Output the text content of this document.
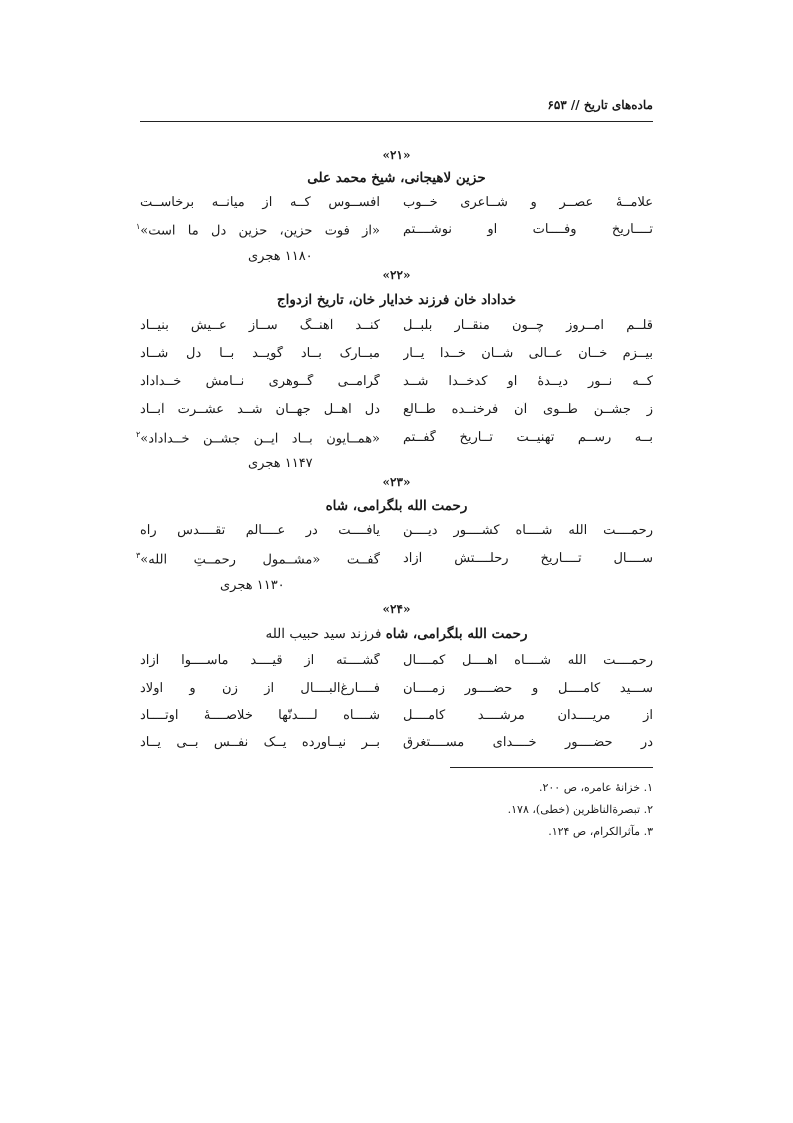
ماده‌های تاریخ // ۶۵۳
«۲۱»
حزین لاهیجانی، شیخ محمد علی
علامــهٔ عصــر و شــاعری خــوب
افســوس کــه از میانــه برخاســت
تــــاریخ وفــــات او نوشــــتم
«از فوت حزین، حزین دل ما است»$^۱$
۱۱۸۰ هجری
«۲۲»
خداداد خان فرزند خدایار خان، تاریخ ازدواج
قلــم امــروز چــون منقــار بلبــل
کنــد آهنــگ ســاز عــیش بنیــاد
بیــزم خــان عــالی شــان خــدا یــار
مبــارک بــاد گویــد بــا دل شــاد
کــه نــور دیــدهٔ او کدخــدا شــد
گرامــی گــوهری نــامش خــداداد
ز جشــن طــوی آن فرخنــده طــالع
دل اهــل جهــان شــد عشــرت آبــاد
بــه رســم تهنیــت تــاریخ گفــتم
«همــایون بــاد ایــن جشــن خــداداد»$^۲$
۱۱۴۷ هجری
«۲۳»
رحمت الله بلگرامی، شاه
رحمــــت الله شــــاه کشــــور دیــــن
یافــــت در عــــالم تقــــدس راه
ســــال تــــاریخ رحلــــتش آزاد
گفــت «مشــمول رحمــتِ الله»$^۳$
۱۱۳۰ هجری
«۲۴»
رحمت الله بلگرامی، شاه فرزند سید حبیب الله
رحمــــت الله شــــاه اهــــل کمــــال
گشــــته از قیــــد ماســــوا آزاد
ســـید کامــــل و حضــــور زمــــان
فــــارغ‌البــــال از زن و اولاد
از مریــــدان مرشــــد کامــــل
شــــاه لــــدنّها خلاصــــهٔ اوتــــاد
در حضــــور خــــدای مســــتغرق
بــر نیــاورده یــک نفــس بــی یــاد
۱. خزانهٔ عامره، ص ۲۰۰.
۲. تبصرةالناظرین (خطی)، ۱۷۸.
۳. مآثرالکرام، ص ۱۲۴.
